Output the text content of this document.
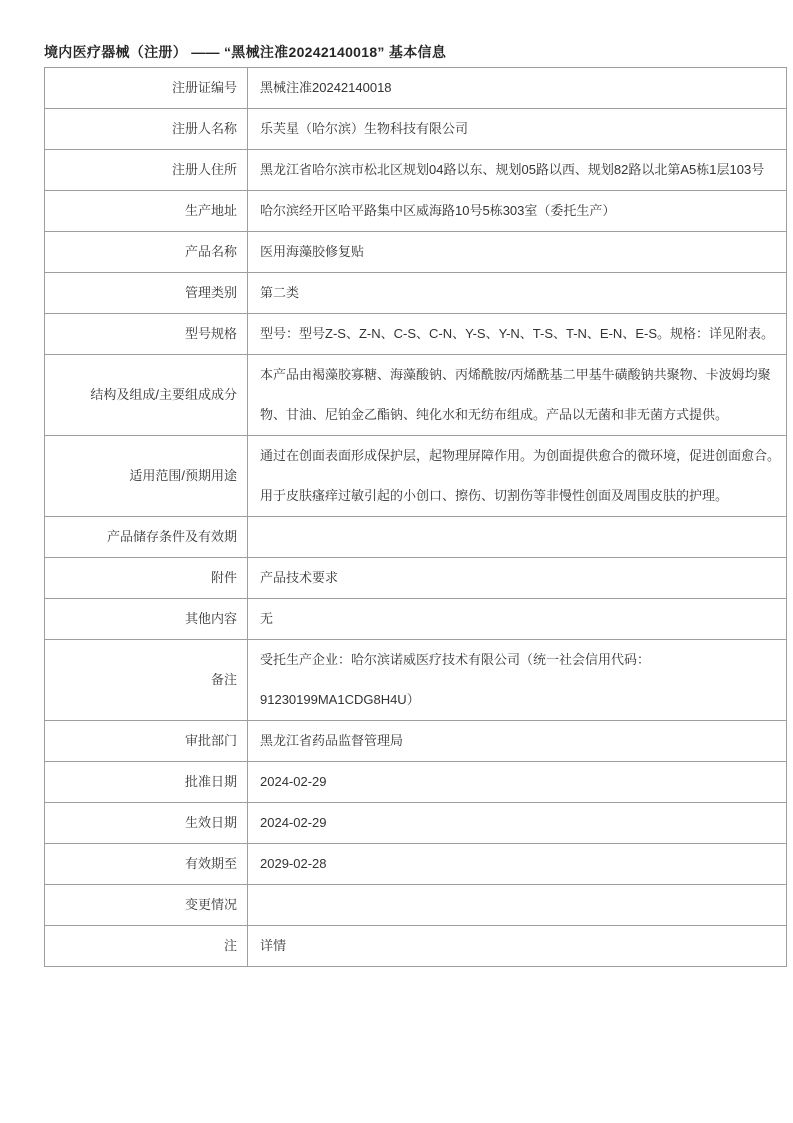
境内医疗器械（注册） —— “黑械注准20242140018” 基本信息
注册证编号	黑械注准20242140018
注册人名称	乐芙星（哈尔滨）生物科技有限公司
注册人住所	黑龙江省哈尔滨市松北区规划04路以东、规划05路以西、规划82路以北第A5栋1层103号
生产地址	哈尔滨经开区哈平路集中区威海路10号5栋303室（委托生产）
产品名称	医用海藻胶修复贴
管理类别	第二类
型号规格	型号：型号Z-S、Z-N、C-S、C-N、Y-S、Y-N、T-S、T-N、E-N、E-S。规格：详见附表。
结构及组成/主要组成成分	本产品由褐藻胶寡糖、海藻酸钠、丙烯酰胺/丙烯酰基二甲基牛磺酸钠共聚物、卡波姆均聚物、甘油、尼铂金乙酯钠、纯化水和无纺布组成。产品以无菌和非无菌方式提供。
适用范围/预期用途	通过在创面表面形成保护层，起物理屏障作用。为创面提供愈合的微环境，促进创面愈合。用于皮肤瘙痒过敏引起的小创口、擦伤、切割伤等非慢性创面及周围皮肤的护理。
产品储存条件及有效期	
附件	产品技术要求
其他内容	无
备注	受托生产企业：哈尔滨诺威医疗技术有限公司（统一社会信用代码：91230199MA1CDG8H4U）
审批部门	黑龙江省药品监督管理局
批准日期	2024-02-29
生效日期	2024-02-29
有效期至	2029-02-28
变更情况	
注	详情
